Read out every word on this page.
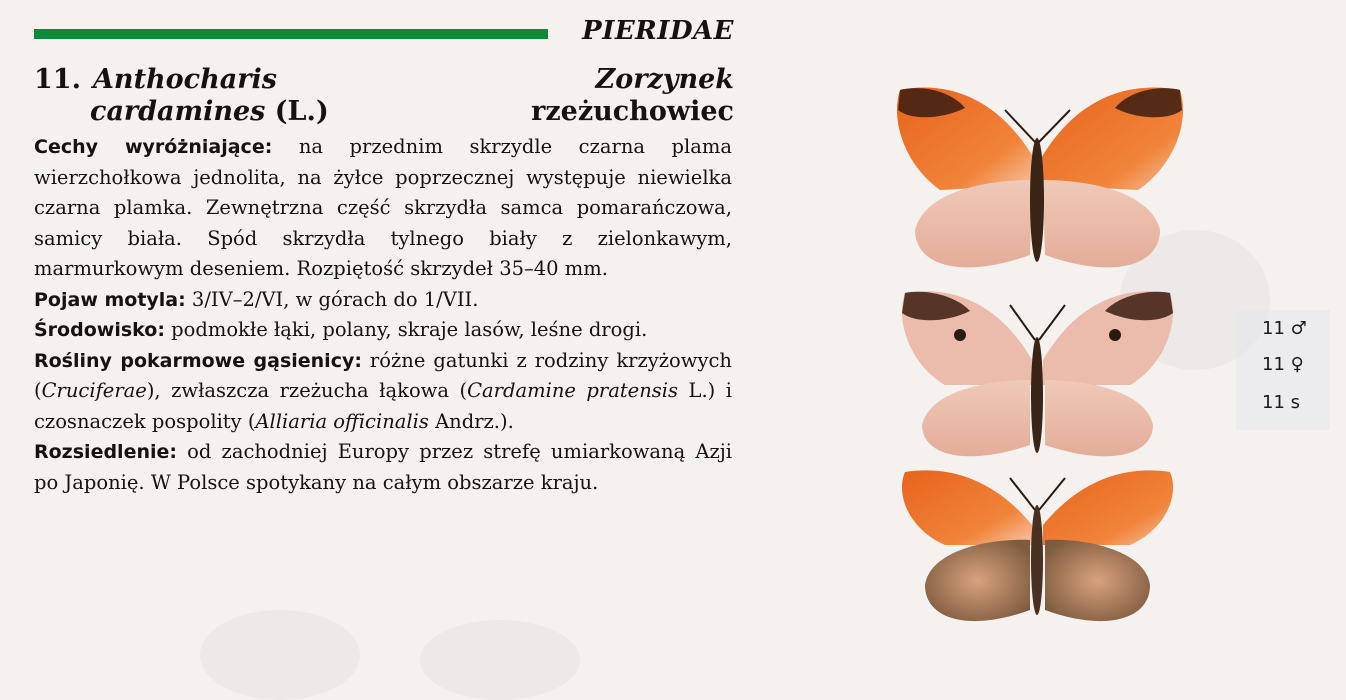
PIERIDAE
11. Anthocharis
cardamines (L.)
Zorzynek
rzeżuchowiec

Cechy wyróżniające: na przednim skrzydle czarna plama wierzchołkowa jednolita, na żyłce poprzecznej występuje niewielka czarna plamka. Zewnętrzna część skrzydła samca pomarańczowa, samicy biała. Spód skrzydła tylnego biały z zielonkawym, marmurkowym deseniem. Rozpiętość skrzydeł 35–40 mm.

Pojaw motyla: 3/IV–2/VI, w górach do 1/VII.

Środowisko: podmokłe łąki, polany, skraje lasów, leśne drogi.

Rośliny pokarmowe gąsienicy: różne gatunki z rodziny krzyżowych (Cruciferae), zwłaszcza rzeżucha łąkowa (Cardamine pratensis L.) i czosnaczek pospolity (Alliaria officinalis Andrz.).

Rozsiedlenie: od zachodniej Europy przez strefę umiarkowaną Azji po Japonię. W Polsce spotykany na całym obszarze kraju.

11 ♂
11 ♀
11 s
